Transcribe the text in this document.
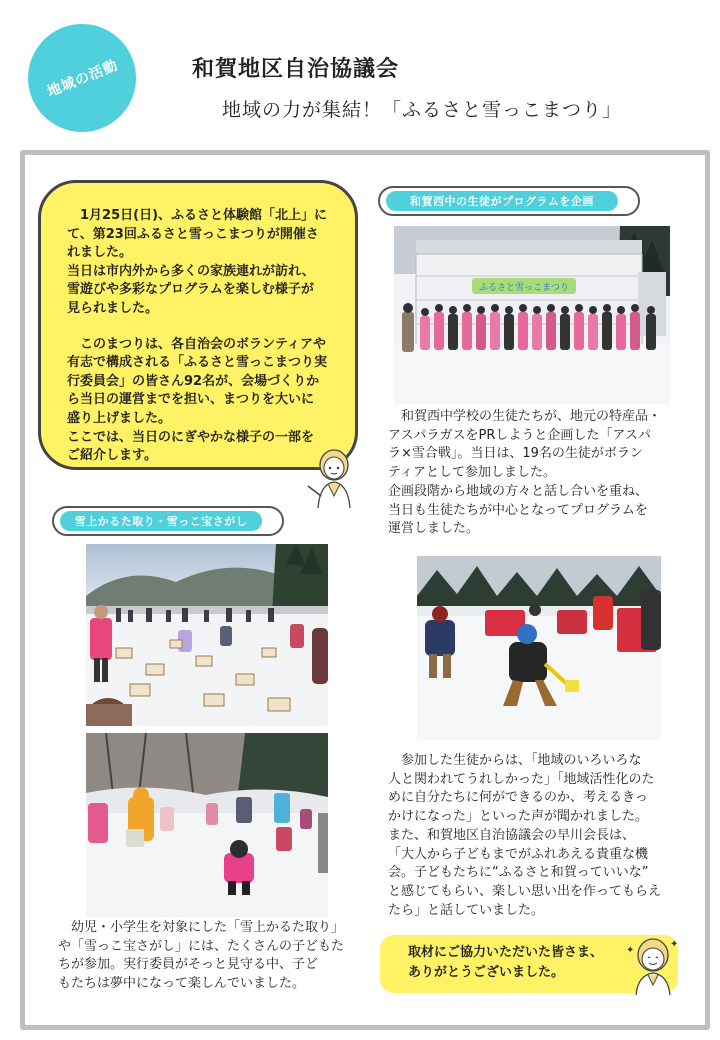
地域の活動	和賀地区自治協議会
地域の力が集結！「ふるさと雪っこまつり」

1月25日(日)、ふるさと体験館「北上」に
て、第23回ふるさと雪っこまつりが開催さ
れました。
当日は市内外から多くの家族連れが訪れ、
雪遊びや多彩なプログラムを楽しむ様子が
見られました。

このまつりは、各自治会のボランティアや
有志で構成される「ふるさと雪っこまつり実
行委員会」の皆さん92名が、会場づくりか
ら当日の運営までを担い、まつりを大いに
盛り上げました。
ここでは、当日のにぎやかな様子の一部を
ご紹介します。

雪上かるた取り・雪っこ宝さがし

幼児・小学生を対象にした「雪上かるた取り」
や「雪っこ宝さがし」には、たくさんの子どもた
ちが参加。実行委員がそっと見守る中、子ど
もたちは夢中になって楽しんでいました。

和賀西中の生徒がプログラムを企画
ふるさと雪っこまつり

和賀西中学校の生徒たちが、地元の特産品・
アスパラガスをPRしようと企画した「アスパ
ラ×雪合戦」。当日は、19名の生徒がボラン
ティアとして参加しました。
企画段階から地域の方々と話し合いを重ね、
当日も生徒たちが中心となってプログラムを
運営しました。

参加した生徒からは、「地域のいろいろな
人と関われてうれしかった」「地域活性化のた
めに自分たちに何ができるのか、考えるきっ
かけになった」といった声が聞かれました。
また、和賀地区自治協議会の早川会長は、
「大人から子どもまでがふれあえる貴重な機
会。子どもたちに“ふるさと和賀っていいな”
と感じてもらい、楽しい思い出を作ってもらえ
たら」と話していました。

取材にご協力いただいた皆さま、
ありがとうございました。

✦
✦
